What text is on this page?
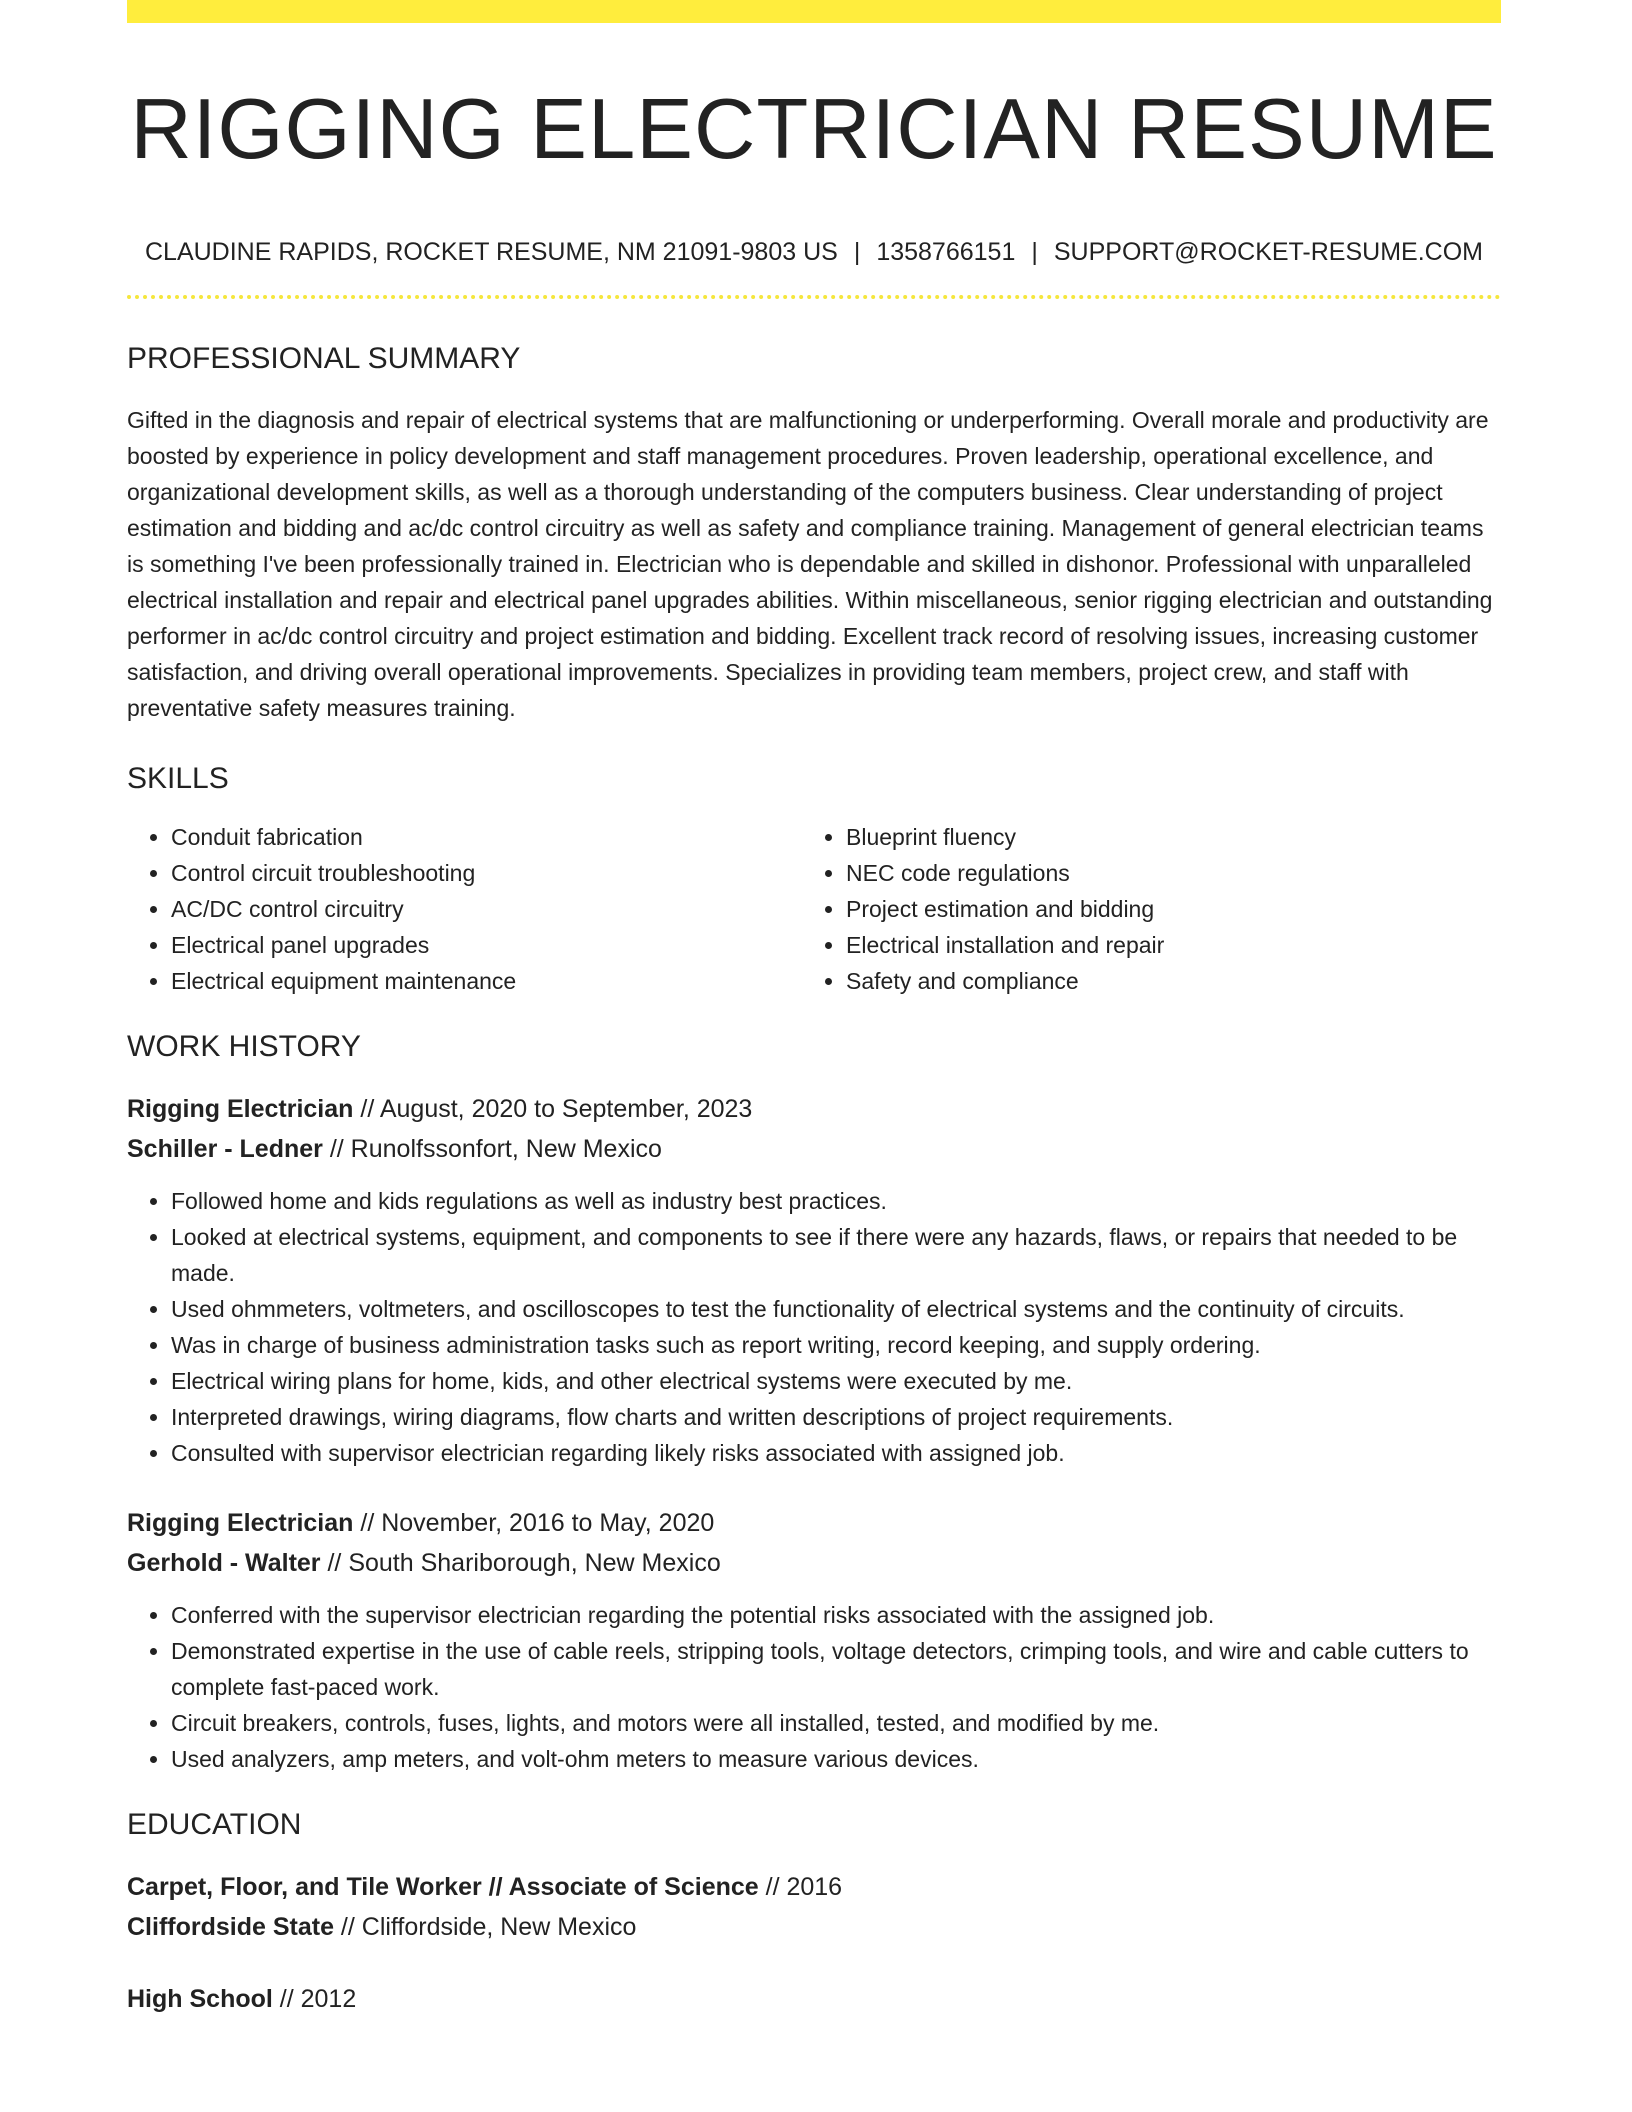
RIGGING ELECTRICIAN RESUME
CLAUDINE RAPIDS, ROCKET RESUME, NM 21091-9803 US | 1358766151 | SUPPORT@ROCKET-RESUME.COM
PROFESSIONAL SUMMARY

Gifted in the diagnosis and repair of electrical systems that are malfunctioning or underperforming. Overall morale and productivity are boosted by experience in policy development and staff management procedures. Proven leadership, operational excellence, and organizational development skills, as well as a thorough understanding of the computers business. Clear understanding of project estimation and bidding and ac/dc control circuitry as well as safety and compliance training. Management of general electrician teams is something I've been professionally trained in. Electrician who is dependable and skilled in dishonor. Professional with unparalleled electrical installation and repair and electrical panel upgrades abilities. Within miscellaneous, senior rigging electrician and outstanding performer in ac/dc control circuitry and project estimation and bidding. Excellent track record of resolving issues, increasing customer satisfaction, and driving overall operational improvements. Specializes in providing team members, project crew, and staff with preventative safety measures training.

SKILLS
• Conduit fabrication
• Control circuit troubleshooting
• AC/DC control circuitry
• Electrical panel upgrades
• Electrical equipment maintenance
• Blueprint fluency
• NEC code regulations
• Project estimation and bidding
• Electrical installation and repair
• Safety and compliance
WORK HISTORY
Rigging Electrician // August, 2020 to September, 2023
Schiller - Ledner // Runolfssonfort, New Mexico
• Followed home and kids regulations as well as industry best practices.
• Looked at electrical systems, equipment, and components to see if there were any hazards, flaws, or repairs that needed to be made.
• Used ohmmeters, voltmeters, and oscilloscopes to test the functionality of electrical systems and the continuity of circuits.
• Was in charge of business administration tasks such as report writing, record keeping, and supply ordering.
• Electrical wiring plans for home, kids, and other electrical systems were executed by me.
• Interpreted drawings, wiring diagrams, flow charts and written descriptions of project requirements.
• Consulted with supervisor electrician regarding likely risks associated with assigned job.
Rigging Electrician // November, 2016 to May, 2020
Gerhold - Walter // South Shariborough, New Mexico
• Conferred with the supervisor electrician regarding the potential risks associated with the assigned job.
• Demonstrated expertise in the use of cable reels, stripping tools, voltage detectors, crimping tools, and wire and cable cutters to complete fast-paced work.
• Circuit breakers, controls, fuses, lights, and motors were all installed, tested, and modified by me.
• Used analyzers, amp meters, and volt-ohm meters to measure various devices.
EDUCATION
Carpet, Floor, and Tile Worker // Associate of Science // 2016
Cliffordside State // Cliffordside, New Mexico
High School // 2012
